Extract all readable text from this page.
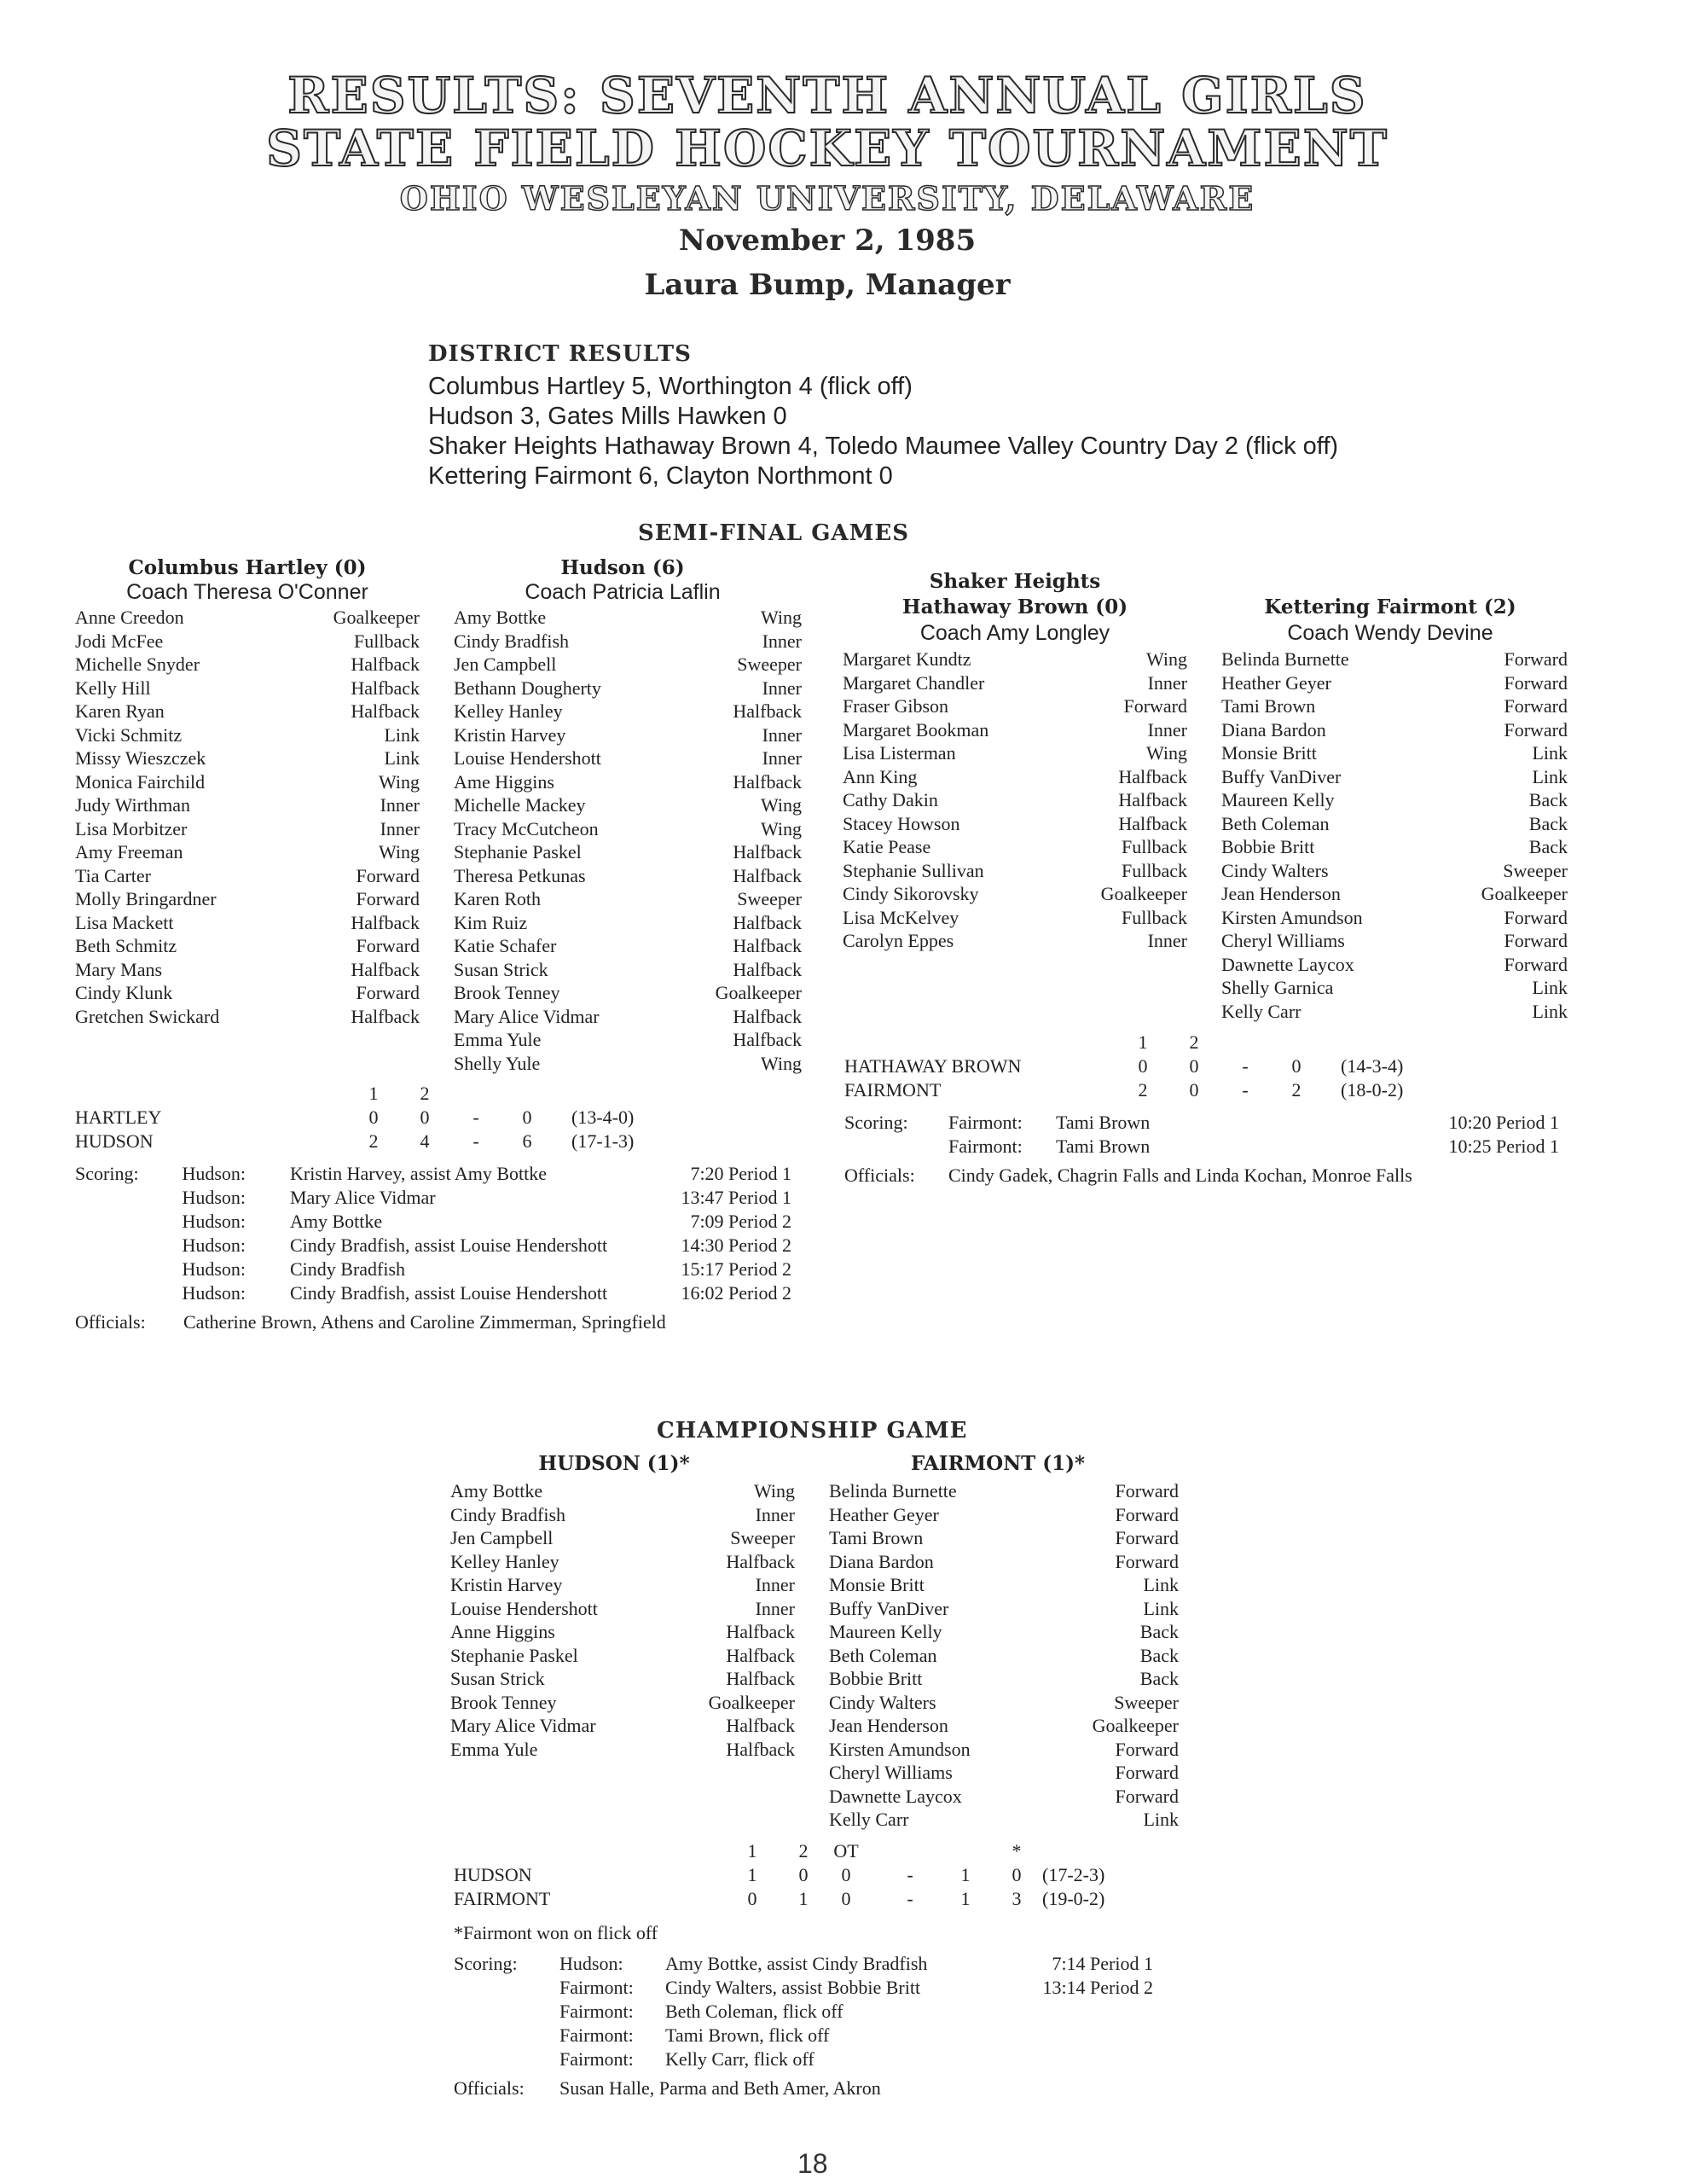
RESULTS: SEVENTH ANNUAL GIRLS
STATE FIELD HOCKEY TOURNAMENT
OHIO WESLEYAN UNIVERSITY, DELAWARE
November 2, 1985
Laura Bump, Manager
DISTRICT RESULTS
Columbus Hartley 5, Worthington 4 (flick off)
Hudson 3, Gates Mills Hawken 0
Shaker Heights Hathaway Brown 4, Toledo Maumee Valley Country Day 2 (flick off)
Kettering Fairmont 6, Clayton Northmont 0
SEMI-FINAL GAMES
Columbus Hartley (0)
Coach Theresa O'Conner
Hudson (6)
Coach Patricia Laflin
Anne Creedon	Goalkeeper
Jodi McFee	Fullback
Michelle Snyder	Halfback
Kelly Hill	Halfback
Karen Ryan	Halfback
Vicki Schmitz	Link
Missy Wieszczek	Link
Monica Fairchild	Wing
Judy Wirthman	Inner
Lisa Morbitzer	Inner
Amy Freeman	Wing
Tia Carter	Forward
Molly Bringardner	Forward
Lisa Mackett	Halfback
Beth Schmitz	Forward
Mary Mans	Halfback
Cindy Klunk	Forward
Gretchen Swickard	Halfback
Amy Bottke	Wing
Cindy Bradfish	Inner
Jen Campbell	Sweeper
Bethann Dougherty	Inner
Kelley Hanley	Halfback
Kristin Harvey	Inner
Louise Hendershott	Inner
Ame Higgins	Halfback
Michelle Mackey	Wing
Tracy McCutcheon	Wing
Stephanie Paskel	Halfback
Theresa Petkunas	Halfback
Karen Roth	Sweeper
Kim Ruiz	Halfback
Katie Schafer	Halfback
Susan Strick	Halfback
Brook Tenney	Goalkeeper
Mary Alice Vidmar	Halfback
Emma Yule	Halfback
Shelly Yule	Wing
1 2
HARTLEY	0 0 - 0 (13-4-0)
HUDSON	2 4 - 6 (17-1-3)
Scoring: Hudson: Kristin Harvey, assist Amy Bottke	7:20 Period 1
Hudson: Mary Alice Vidmar	13:47 Period 1
Hudson: Amy Bottke	7:09 Period 2
Hudson: Cindy Bradfish, assist Louise Hendershott	14:30 Period 2
Hudson: Cindy Bradfish	15:17 Period 2
Hudson: Cindy Bradfish, assist Louise Hendershott	16:02 Period 2
Officials: Catherine Brown, Athens and Caroline Zimmerman, Springfield
Shaker Heights
Hathaway Brown (0)
Coach Amy Longley
Kettering Fairmont (2)
Coach Wendy Devine
Margaret Kundtz	Wing
Margaret Chandler	Inner
Fraser Gibson	Forward
Margaret Bookman	Inner
Lisa Listerman	Wing
Ann King	Halfback
Cathy Dakin	Halfback
Stacey Howson	Halfback
Katie Pease	Fullback
Stephanie Sullivan	Fullback
Cindy Sikorovsky	Goalkeeper
Lisa McKelvey	Fullback
Carolyn Eppes	Inner
Belinda Burnette	Forward
Heather Geyer	Forward
Tami Brown	Forward
Diana Bardon	Forward
Monsie Britt	Link
Buffy VanDiver	Link
Maureen Kelly	Back
Beth Coleman	Back
Bobbie Britt	Back
Cindy Walters	Sweeper
Jean Henderson	Goalkeeper
Kirsten Amundson	Forward
Cheryl Williams	Forward
Dawnette Laycox	Forward
Shelly Garnica	Link
Kelly Carr	Link
1 2
HATHAWAY BROWN	0 0 - 0 (14-3-4)
FAIRMONT	2 0 - 2 (18-0-2)
Scoring: Fairmont: Tami Brown	10:20 Period 1
Fairmont: Tami Brown	10:25 Period 1
Officials: Cindy Gadek, Chagrin Falls and Linda Kochan, Monroe Falls
CHAMPIONSHIP GAME
HUDSON (1)*	FAIRMONT (1)*
Amy Bottke	Wing
Cindy Bradfish	Inner
Jen Campbell	Sweeper
Kelley Hanley	Halfback
Kristin Harvey	Inner
Louise Hendershott	Inner
Anne Higgins	Halfback
Stephanie Paskel	Halfback
Susan Strick	Halfback
Brook Tenney	Goalkeeper
Mary Alice Vidmar	Halfback
Emma Yule	Halfback
Belinda Burnette	Forward
Heather Geyer	Forward
Tami Brown	Forward
Diana Bardon	Forward
Monsie Britt	Link
Buffy VanDiver	Link
Maureen Kelly	Back
Beth Coleman	Back
Bobbie Britt	Back
Cindy Walters	Sweeper
Jean Henderson	Goalkeeper
Kirsten Amundson	Forward
Cheryl Williams	Forward
Dawnette Laycox	Forward
Kelly Carr	Link
1 2	OT	*
HUDSON	1 0 0	-	1 0 (17-2-3)
FAIRMONT	0 1 0	-	1 3 (19-0-2)
*Fairmont won on flick off
Scoring: Hudson: Amy Bottke, assist Cindy Bradfish	7:14 Period 1
Fairmont: Cindy Walters, assist Bobbie Britt	13:14 Period 2
Fairmont: Beth Coleman, flick off
Fairmont: Tami Brown, flick off
Fairmont: Kelly Carr, flick off
Officials: Susan Halle, Parma and Beth Amer, Akron
18
